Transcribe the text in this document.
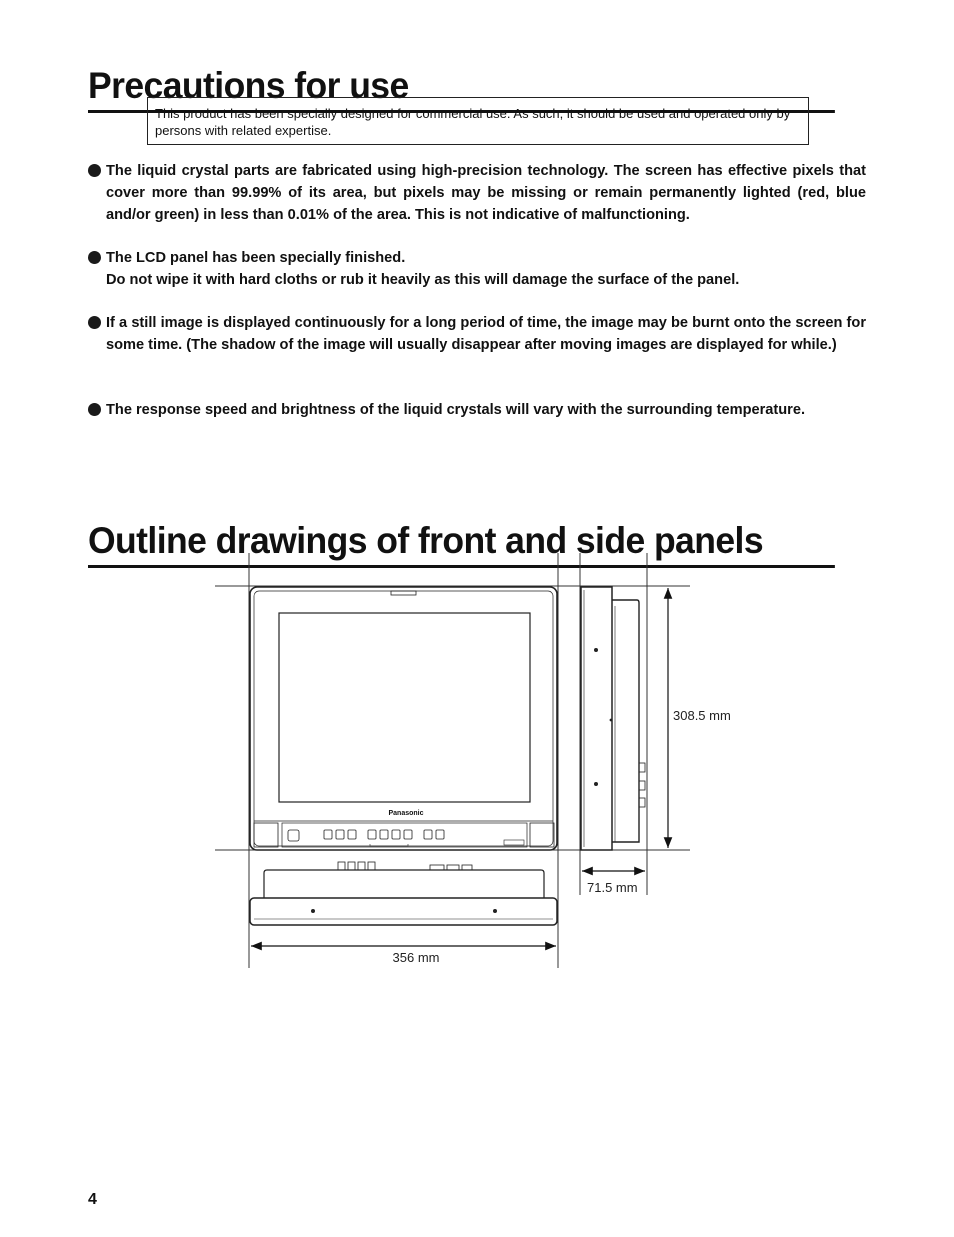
Precautions for use
This product has been specially designed for commercial use. As such, it should be used and operated only by persons with related expertise.
The liquid crystal parts are fabricated using high-precision technology. The screen has effective pixels that cover more than 99.99% of its area, but pixels may be missing or remain permanently lighted (red, blue and/or green) in less than 0.01% of the area. This is not indicative of malfunctioning.
The LCD panel has been specially finished.
Do not wipe it with hard cloths or rub it heavily as this will damage the surface of the panel.
If a still image is displayed continuously for a long period of time, the image may be burnt onto the screen for some time. (The shadow of the image will usually disappear after moving images are displayed for while.)
The response speed and brightness of the liquid crystals will vary with the surrounding temperature.
Outline drawings of front and side panels
Panasonic
308.5 mm
71.5 mm
356 mm
4
